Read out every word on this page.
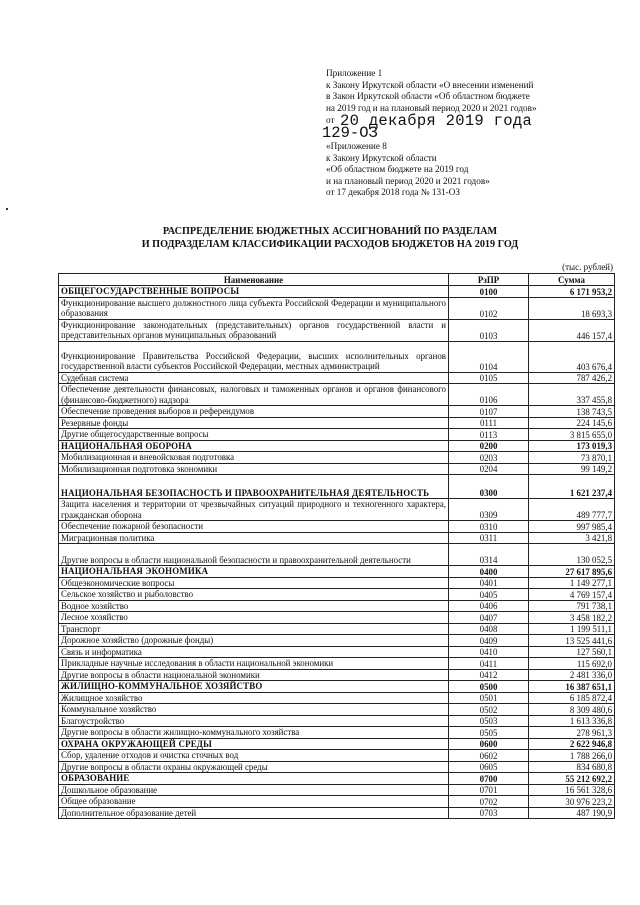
Приложение 1
к Закону Иркутской области «О внесении изменений
в Закон Иркутской области «Об областном бюджете
на 2019 год и на плановый период 2020 и 2021 годов»
от 20 декабря 2019 года
129-ОЗ
«Приложение 8
к Закону Иркутской области
«Об областном бюджете на 2019 год
и на плановый период 2020 и 2021 годов»
от 17 декабря 2018 года № 131-ОЗ
РАСПРЕДЕЛЕНИЕ БЮДЖЕТНЫХ АССИГНОВАНИЙ ПО РАЗДЕЛАМ
И ПОДРАЗДЕЛАМ КЛАССИФИКАЦИИ РАСХОДОВ БЮДЖЕТОВ НА 2019 ГОД
(тыс. рублей)
Наименование	РзПР	Сумма
ОБЩЕГОСУДАРСТВЕННЫЕ ВОПРОСЫ	0100	6 171 953,2
Функционирование высшего должностного лица субъекта Российской Федерации и муниципального образования	0102	18 693,3
Функционирование законодательных (представительных) органов государственной власти и представительных органов муниципальных образований	0103	446 157,4
Функционирование Правительства Российской Федерации, высших исполнительных органов государственной власти субъектов Российской Федерации, местных администраций	0104	403 676,4
Судебная система	0105	787 426,2
Обеспечение деятельности финансовых, налоговых и таможенных органов и органов финансового (финансово-бюджетного) надзора	0106	337 455,8
Обеспечение проведения выборов и референдумов	0107	138 743,5
Резервные фонды	0111	224 145,6
Другие общегосударственные вопросы	0113	3 815 655,0
НАЦИОНАЛЬНАЯ ОБОРОНА	0200	173 019,3
Мобилизационная и вневойсковая подготовка	0203	73 870,1
Мобилизационная подготовка экономики	0204	99 149,2
НАЦИОНАЛЬНАЯ БЕЗОПАСНОСТЬ И ПРАВООХРАНИТЕЛЬНАЯ ДЕЯТЕЛЬНОСТЬ	0300	1 621 237,4
Защита населения и территории от чрезвычайных ситуаций природного и техногенного характера, гражданская оборона	0309	489 777,7
Обеспечение пожарной безопасности	0310	997 985,4
Миграционная политика	0311	3 421,8
Другие вопросы в области национальной безопасности и правоохранительной деятельности	0314	130 052,5
НАЦИОНАЛЬНАЯ ЭКОНОМИКА	0400	27 617 895,6
Общеэкономические вопросы	0401	1 149 277,1
Сельское хозяйство и рыболовство	0405	4 769 157,4
Водное хозяйство	0406	791 738,1
Лесное хозяйство	0407	3 458 182,2
Транспорт	0408	1 199 511,1
Дорожное хозяйство (дорожные фонды)	0409	13 525 441,6
Связь и информатика	0410	127 560,1
Прикладные научные исследования в области национальной экономики	0411	115 692,0
Другие вопросы в области национальной экономики	0412	2 481 336,0
ЖИЛИЩНО-КОММУНАЛЬНОЕ ХОЗЯЙСТВО	0500	16 387 651,1
Жилищное хозяйство	0501	6 185 872,4
Коммунальное хозяйство	0502	8 309 480,6
Благоустройство	0503	1 613 336,8
Другие вопросы в области жилищно-коммунального хозяйства	0505	278 961,3
ОХРАНА ОКРУЖАЮЩЕЙ СРЕДЫ	0600	2 622 946,8
Сбор, удаление отходов и очистка сточных вод	0602	1 788 266,0
Другие вопросы в области охраны окружающей среды	0605	834 680,8
ОБРАЗОВАНИЕ	0700	55 212 692,2
Дошкольное образование	0701	16 561 328,6
Общее образование	0702	30 976 223,2
Дополнительное образование детей	0703	487 190,9
